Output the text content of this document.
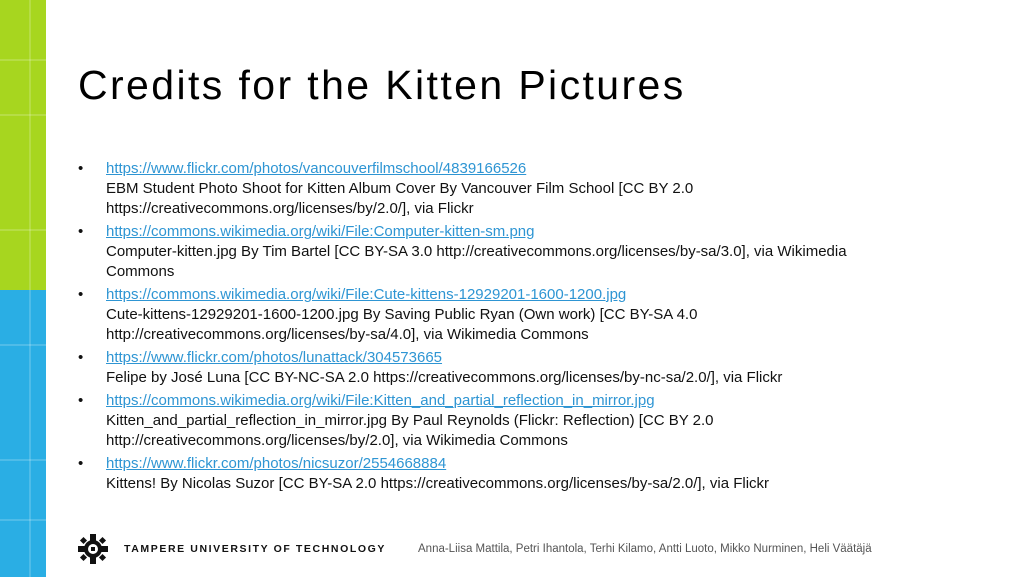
Credits for the Kitten Pictures
• https://www.flickr.com/photos/vancouverfilmschool/4839166526
EBM Student Photo Shoot for Kitten Album Cover By Vancouver Film School [CC BY 2.0
https://creativecommons.org/licenses/by/2.0/], via Flickr
• https://commons.wikimedia.org/wiki/File:Computer-kitten-sm.png
Computer-kitten.jpg By Tim Bartel [CC BY-SA 3.0 http://creativecommons.org/licenses/by-sa/3.0], via Wikimedia
Commons
• https://commons.wikimedia.org/wiki/File:Cute-kittens-12929201-1600-1200.jpg
Cute-kittens-12929201-1600-1200.jpg By Saving Public Ryan (Own work) [CC BY-SA 4.0
http://creativecommons.org/licenses/by-sa/4.0], via Wikimedia Commons
• https://www.flickr.com/photos/lunattack/304573665
Felipe by José Luna [CC BY-NC-SA 2.0 https://creativecommons.org/licenses/by-nc-sa/2.0/], via Flickr
• https://commons.wikimedia.org/wiki/File:Kitten_and_partial_reflection_in_mirror.jpg
Kitten_and_partial_reflection_in_mirror.jpg By Paul Reynolds (Flickr: Reflection) [CC BY 2.0
http://creativecommons.org/licenses/by/2.0], via Wikimedia Commons
• https://www.flickr.com/photos/nicsuzor/2554668884
Kittens! By Nicolas Suzor [CC BY-SA 2.0 https://creativecommons.org/licenses/by-sa/2.0/], via Flickr
TAMPERE UNIVERSITY OF TECHNOLOGY	Anna-Liisa Mattila, Petri Ihantola, Terhi Kilamo, Antti Luoto, Mikko Nurminen, Heli Väätäjä
